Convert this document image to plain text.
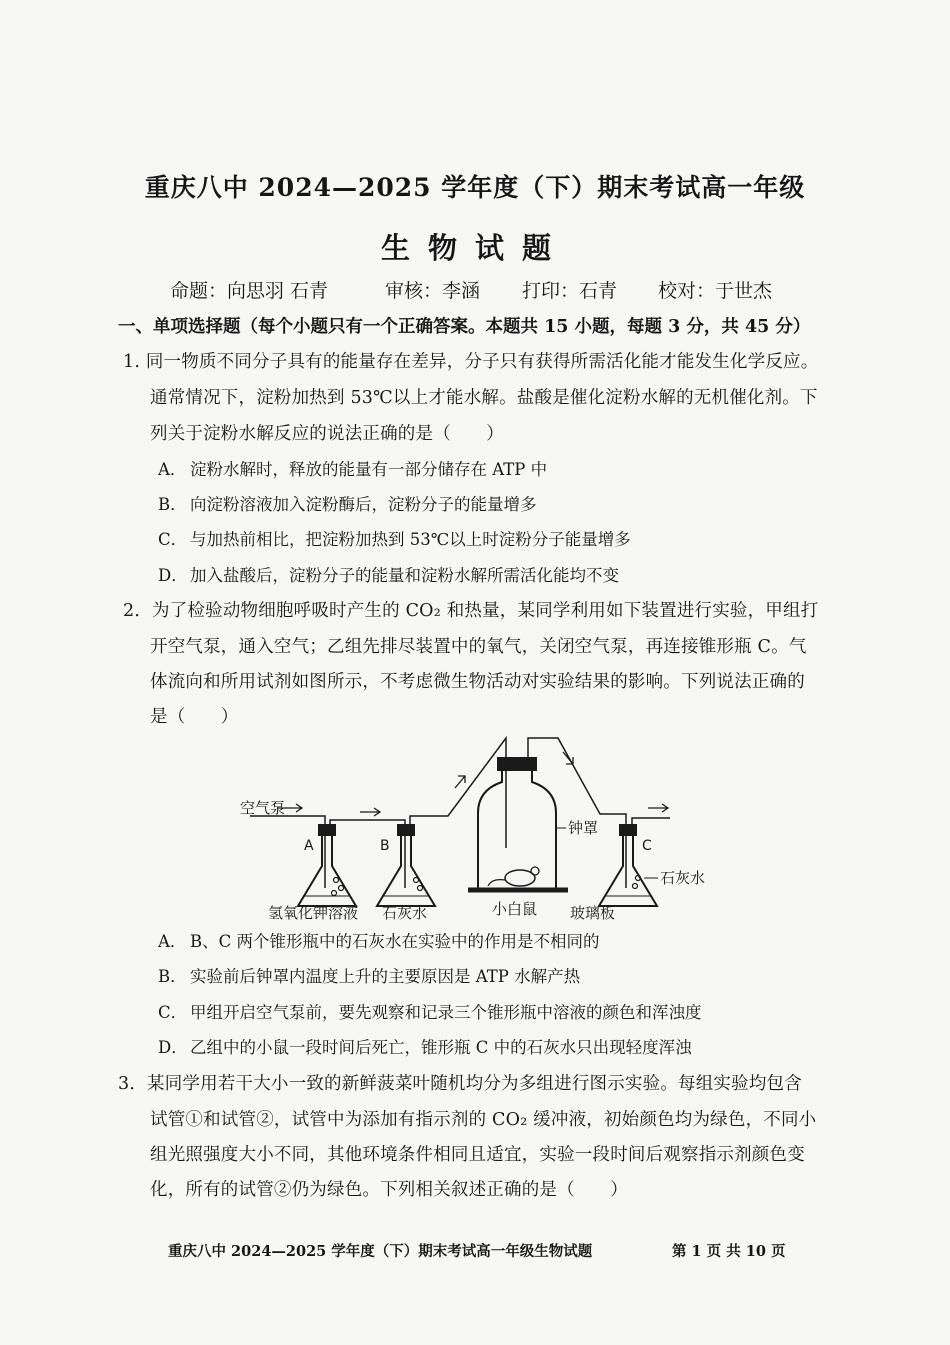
重庆八中 2024—2025 学年度（下）期末考试高一年级
生物试题
命题：向思羽 石青	审核：李涵 打印：石青 校对：于世杰
一、单项选择题（每个小题只有一个正确答案。本题共 15 小题，每题 3 分，共 45 分）
1. 同一物质不同分子具有的能量存在差异，分子只有获得所需活化能才能发生化学反应。
通常情况下，淀粉加热到 53℃以上才能水解。盐酸是催化淀粉水解的无机催化剂。下
列关于淀粉水解反应的说法正确的是（　　）
A． 淀粉水解时，释放的能量有一部分储存在 ATP 中
B． 向淀粉溶液加入淀粉酶后，淀粉分子的能量增多
C． 与加热前相比，把淀粉加热到 53℃以上时淀粉分子能量增多
D． 加入盐酸后，淀粉分子的能量和淀粉水解所需活化能均不变
2．为了检验动物细胞呼吸时产生的 CO₂ 和热量，某同学利用如下装置进行实验，甲组打
开空气泵，通入空气；乙组先排尽装置中的氧气，关闭空气泵，再连接锥形瓶 C。气
体流向和所用试剂如图所示，不考虑微生物活动对实验结果的影响。下列说法正确的
是（　　）
空气泵
A	B	C
钟罩
石灰水
氢氧化钾溶液 石灰水	小白鼠 玻璃板
A． B、C 两个锥形瓶中的石灰水在实验中的作用是不相同的
B． 实验前后钟罩内温度上升的主要原因是 ATP 水解产热
C． 甲组开启空气泵前，要先观察和记录三个锥形瓶中溶液的颜色和浑浊度
D． 乙组中的小鼠一段时间后死亡，锥形瓶 C 中的石灰水只出现轻度浑浊
3．某同学用若干大小一致的新鲜菠菜叶随机均分为多组进行图示实验。每组实验均包含
试管①和试管②，试管中为添加有指示剂的 CO₂ 缓冲液，初始颜色均为绿色，不同小
组光照强度大小不同，其他环境条件相同且适宜，实验一段时间后观察指示剂颜色变
化，所有的试管②仍为绿色。下列相关叙述正确的是（　　）
重庆八中 2024—2025 学年度（下）期末考试高一年级生物试题	第 1 页 共 10 页
